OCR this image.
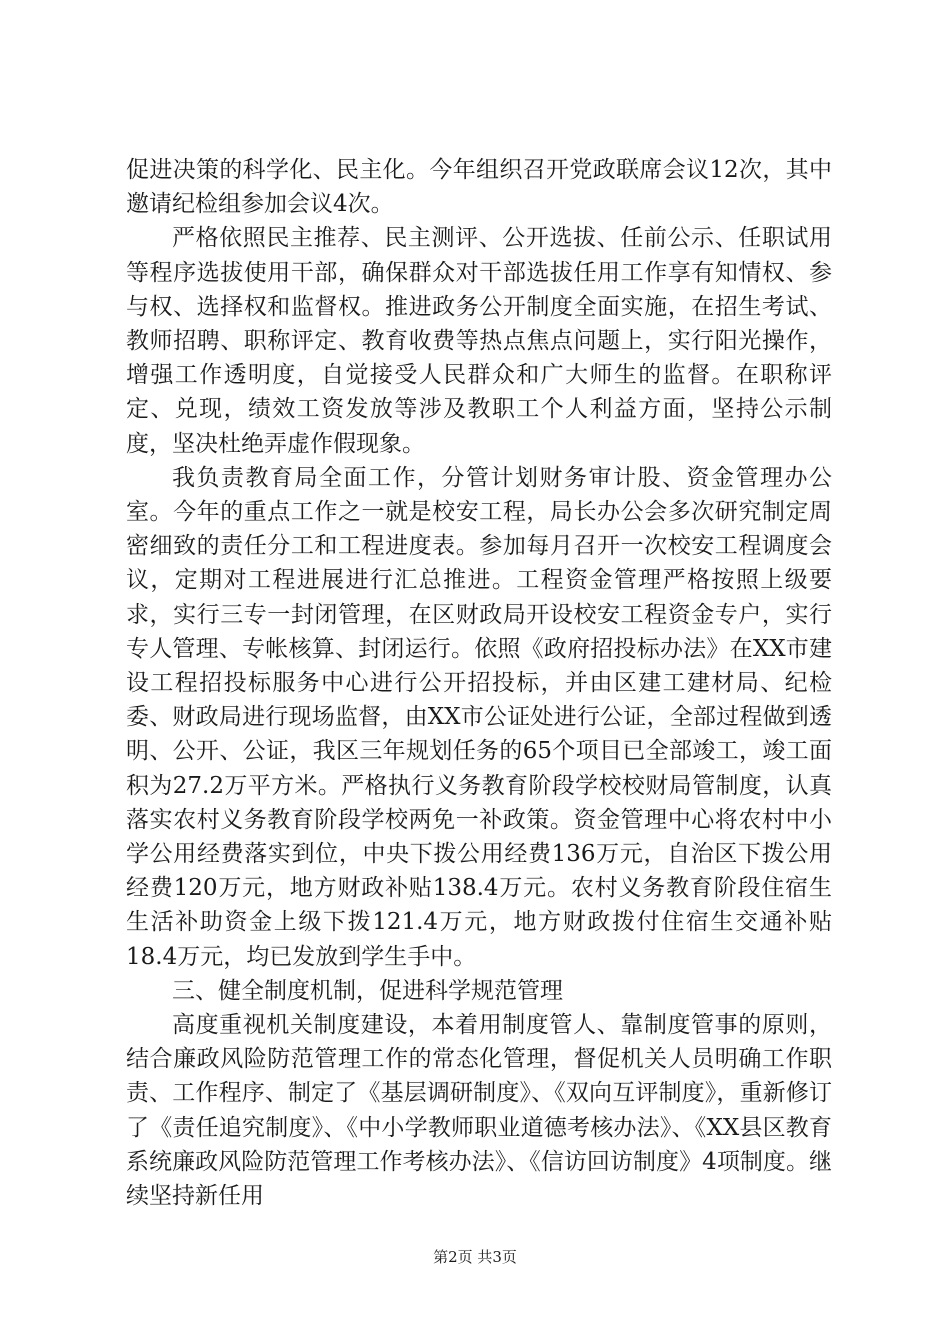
促进决策的科学化、民主化。今年组织召开党政联席会议12次，其中邀请纪检组参加会议4次。

严格依照民主推荐、民主测评、公开选拔、任前公示、任职试用等程序选拔使用干部，确保群众对干部选拔任用工作享有知情权、参与权、选择权和监督权。推进政务公开制度全面实施，在招生考试、教师招聘、职称评定、教育收费等热点焦点问题上，实行阳光操作，增强工作透明度，自觉接受人民群众和广大师生的监督。在职称评定、兑现，绩效工资发放等涉及教职工个人利益方面，坚持公示制度，坚决杜绝弄虚作假现象。

我负责教育局全面工作，分管计划财务审计股、资金管理办公室。今年的重点工作之一就是校安工程，局长办公会多次研究制定周密细致的责任分工和工程进度表。参加每月召开一次校安工程调度会议，定期对工程进展进行汇总推进。工程资金管理严格按照上级要求，实行三专一封闭管理，在区财政局开设校安工程资金专户，实行专人管理、专帐核算、封闭运行。依照《政府招投标办法》在XX市建设工程招投标服务中心进行公开招投标，并由区建工建材局、纪检委、财政局进行现场监督，由XX市公证处进行公证，全部过程做到透明、公开、公证，我区三年规划任务的65个项目已全部竣工，竣工面积为27.2万平方米。严格执行义务教育阶段学校校财局管制度，认真落实农村义务教育阶段学校两免一补政策。资金管理中心将农村中小学公用经费落实到位，中央下拨公用经费136万元，自治区下拨公用经费120万元，地方财政补贴138.4万元。农村义务教育阶段住宿生生活补助资金上级下拨121.4万元，地方财政拨付住宿生交通补贴18.4万元，均已发放到学生手中。

三、健全制度机制，促进科学规范管理

高度重视机关制度建设，本着用制度管人、靠制度管事的原则，结合廉政风险防范管理工作的常态化管理，督促机关人员明确工作职责、工作程序、制定了《基层调研制度》、《双向互评制度》，重新修订了《责任追究制度》、《中小学教师职业道德考核办法》、《XX县区教育系统廉政风险防范管理工作考核办法》、《信访回访制度》4项制度。继续坚持新任用

第2页 共3页
